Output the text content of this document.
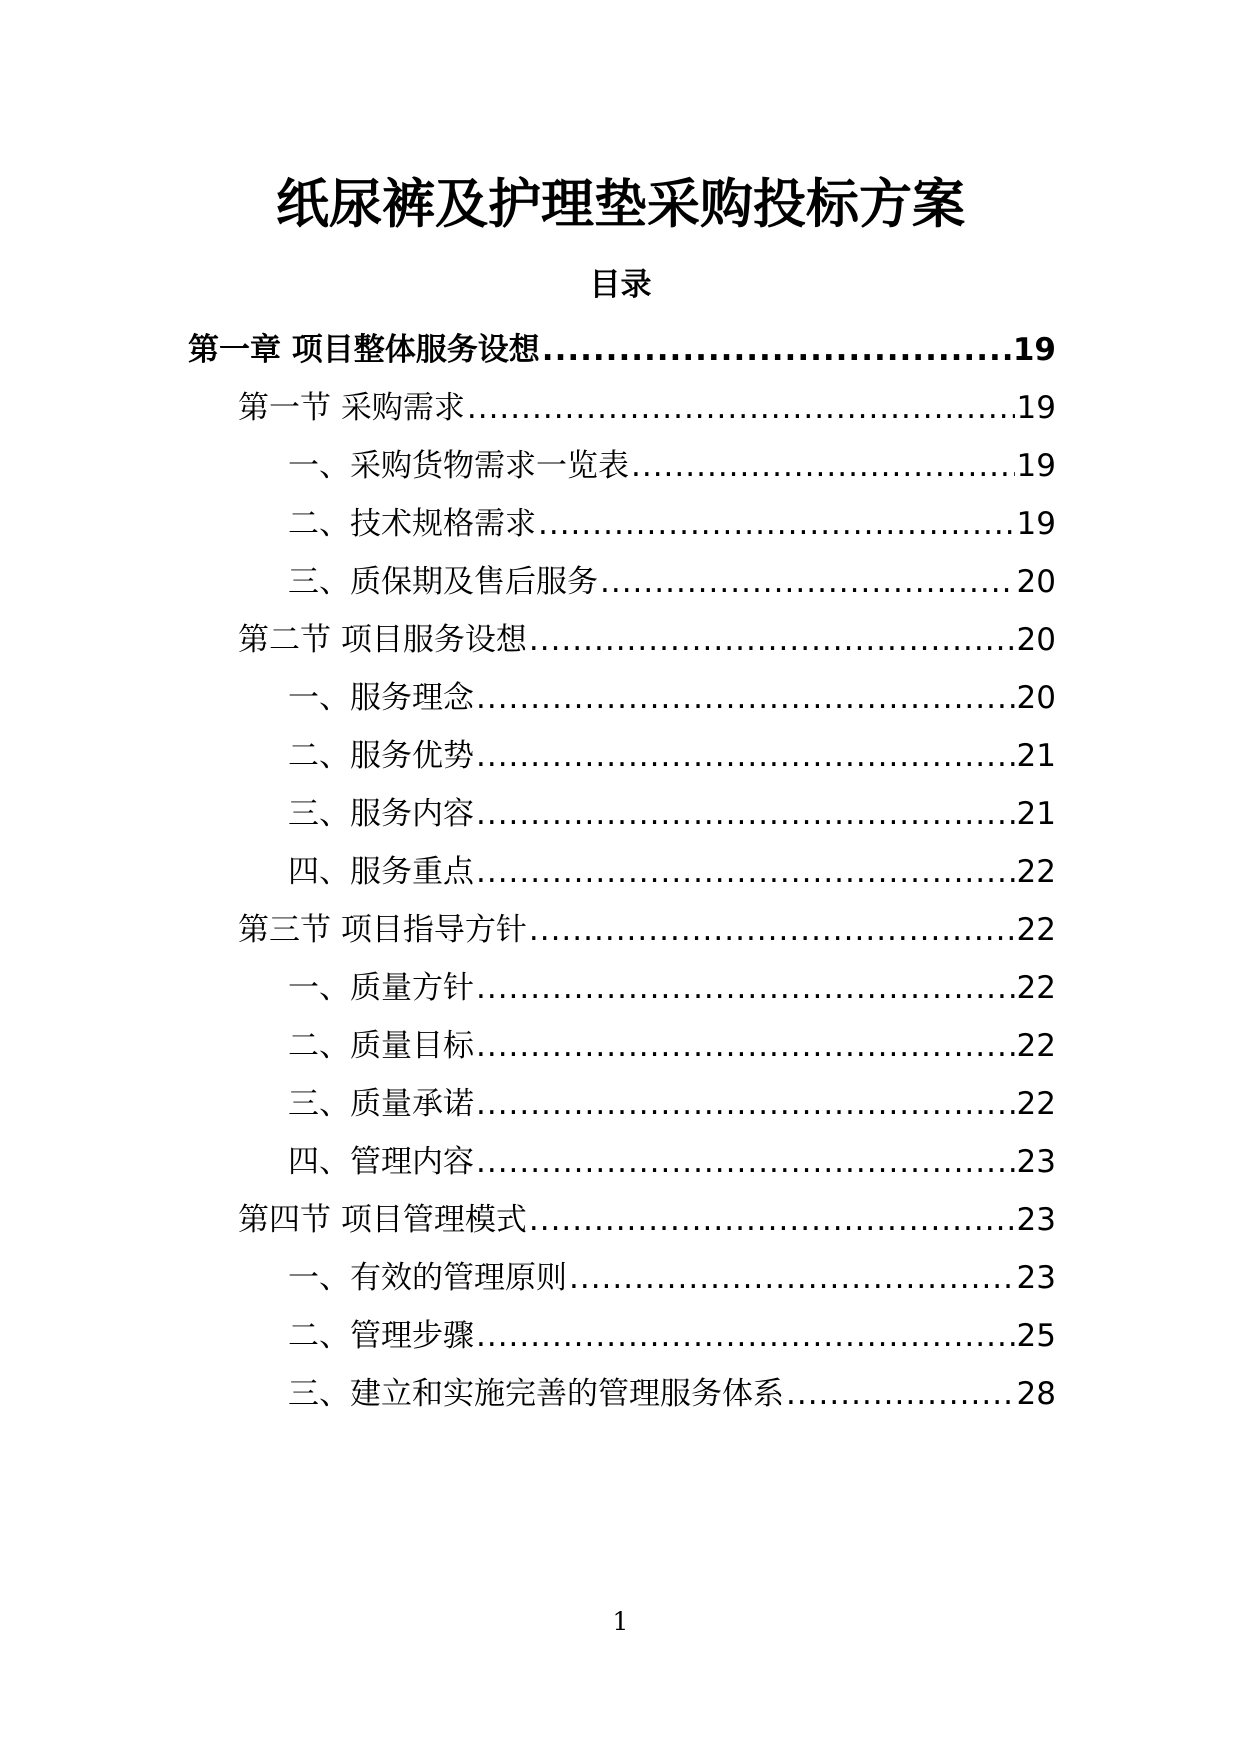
纸尿裤及护理垫采购投标方案
目录
第一章 项目整体服务设想 .....	19
第一节 采购需求 .....	19
一、采购货物需求一览表 .....	19
二、技术规格需求 .....	19
三、质保期及售后服务 .....	20
第二节 项目服务设想 .....	20
一、服务理念 .....	20
二、服务优势 .....	21
三、服务内容 .....	21
四、服务重点 .....	22
第三节 项目指导方针 .....	22
一、质量方针 .....	22
二、质量目标 .....	22
三、质量承诺 .....	22
四、管理内容 .....	23
第四节 项目管理模式 .....	23
一、有效的管理原则 .....	23
二、管理步骤 .....	25
三、建立和实施完善的管理服务体系 .....	28
1
